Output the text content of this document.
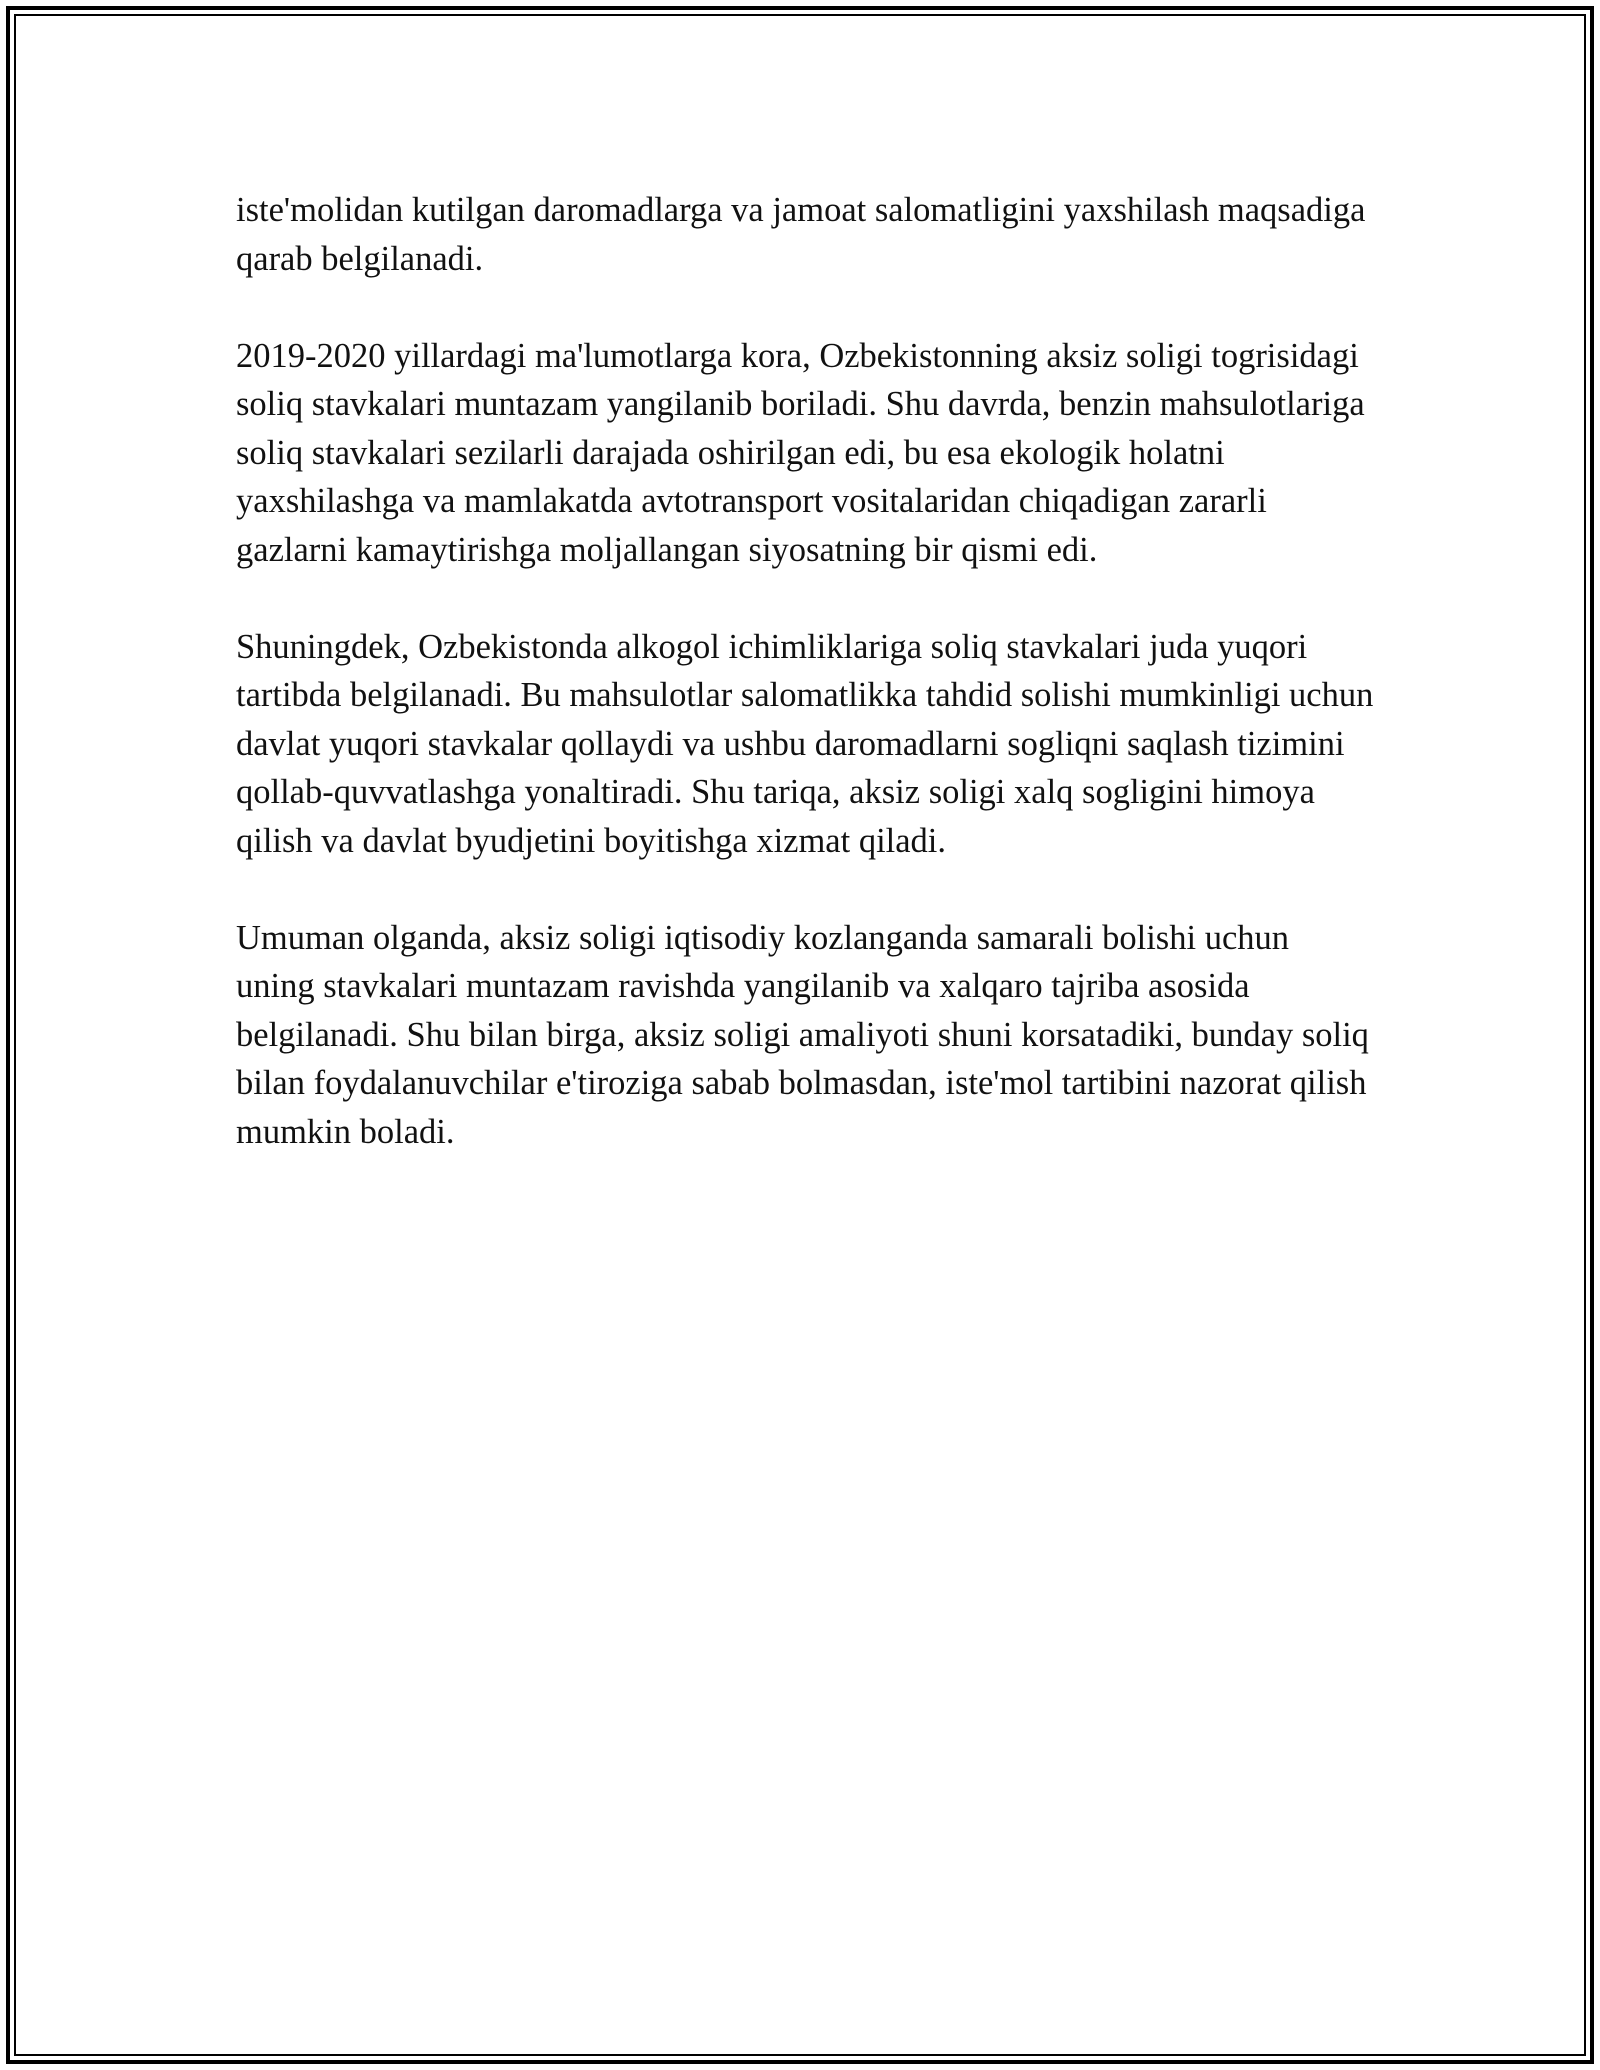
iste'molidan kutilgan daromadlarga va jamoat salomatligini yaxshilash maqsadiga qarab belgilanadi.

2019-2020 yillardagi ma'lumotlarga kora, Ozbekistonning aksiz soligi togrisidagi soliq stavkalari muntazam yangilanib boriladi. Shu davrda, benzin mahsulotlariga soliq stavkalari sezilarli darajada oshirilgan edi, bu esa ekologik holatni yaxshilashga va mamlakatda avtotransport vositalaridan chiqadigan zararli gazlarni kamaytirishga moljallangan siyosatning bir qismi edi.

Shuningdek, Ozbekistonda alkogol ichimliklariga soliq stavkalari juda yuqori tartibda belgilanadi. Bu mahsulotlar salomatlikka tahdid solishi mumkinligi uchun davlat yuqori stavkalar qollaydi va ushbu daromadlarni sogliqni saqlash tizimini qollab-quvvatlashga yonaltiradi. Shu tariqa, aksiz soligi xalq sogligini himoya qilish va davlat byudjetini boyitishga xizmat qiladi.

Umuman olganda, aksiz soligi iqtisodiy kozlanganda samarali bolishi uchun uning stavkalari muntazam ravishda yangilanib va xalqaro tajriba asosida belgilanadi. Shu bilan birga, aksiz soligi amaliyoti shuni korsatadiki, bunday soliq bilan foydalanuvchilar e'tiroziga sabab bolmasdan, iste'mol tartibini nazorat qilish mumkin boladi.
